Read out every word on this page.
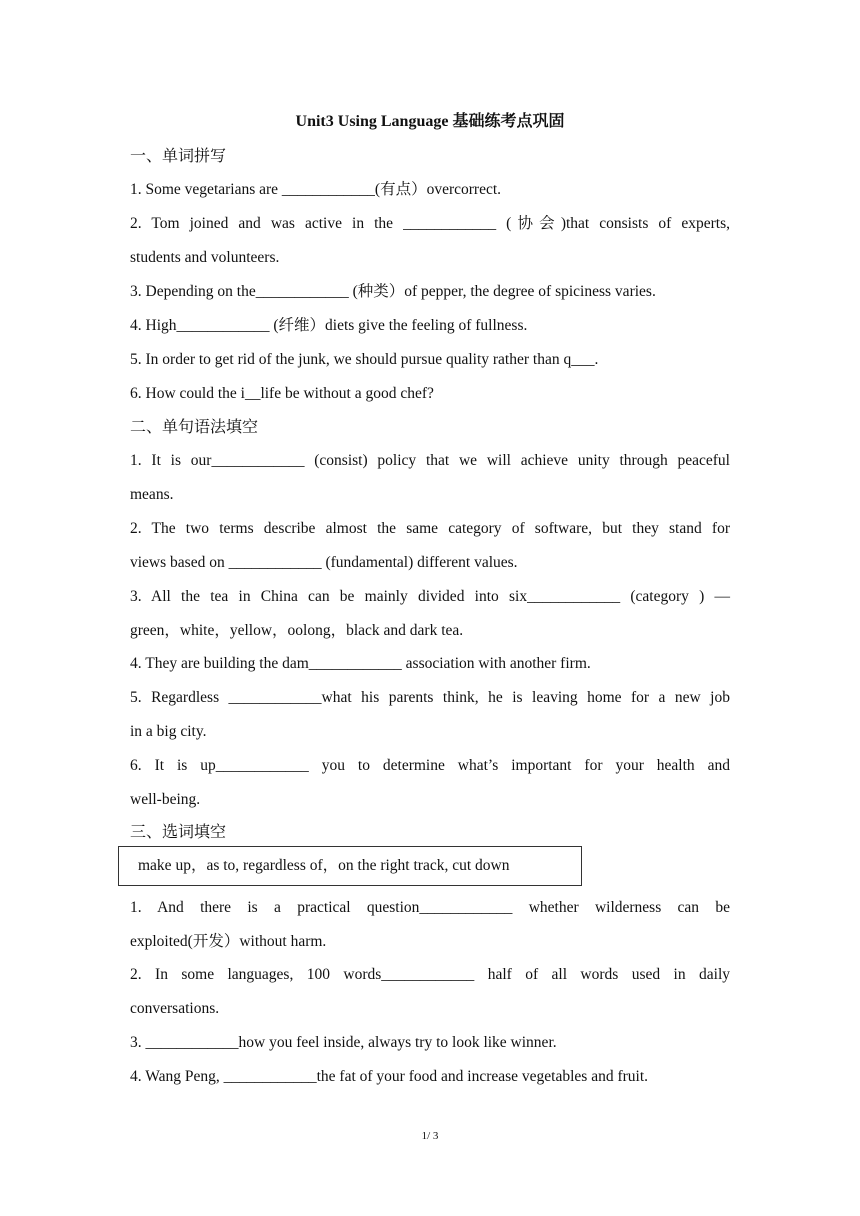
Unit3 Using Language 基础练考点巩固
一、单词拼写
1. Some vegetarians are ____________(有点）overcorrect.
2. Tom joined and was active in the ____________ (协会)that consists of experts,
students and volunteers.
3. Depending on the____________ (种类）of pepper, the degree of spiciness varies.
4. High____________ (纤维）diets give the feeling of fullness.
5. In order to get rid of the junk, we should pursue quality rather than q___.
6. How could the i__life be without a good chef?
二、单句语法填空
1. It is our____________ (consist) policy that we will achieve unity through peaceful
means.
2. The two terms describe almost the same category of software, but they stand for
views based on ____________ (fundamental) different values.
3. All the tea in China can be mainly divided into six____________ (category ) —
green，white，yellow，oolong，black and dark tea.
4. They are building the dam____________ association with another firm.
5. Regardless ____________what his parents think, he is leaving home for a new job
in a big city.
6. It is up____________ you to determine what’s important for your health and
well-being.
三、选词填空
make up，as to, regardless of，on the right track, cut down
1. And there is a practical question____________ whether wilderness can be
exploited(开发）without harm.
2. In some languages, 100 words____________ half of all words used in daily
conversations.
3. ____________how you feel inside, always try to look like winner.
4. Wang Peng, ____________the fat of your food and increase vegetables and fruit.
1/ 3
